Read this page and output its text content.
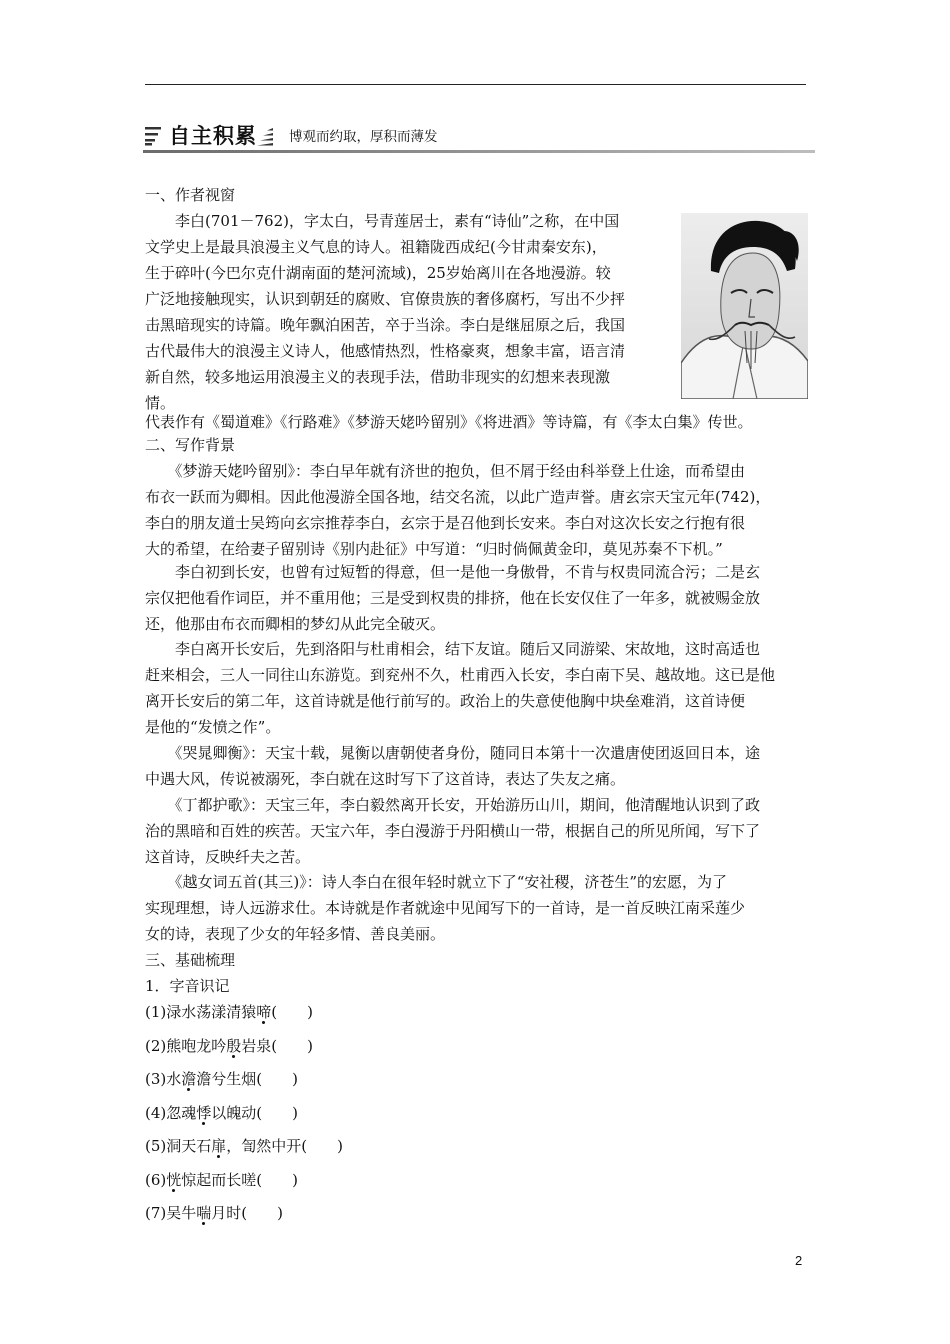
自主积累 博观而约取，厚积而薄发
一、作者视窗
　　李白(701－762)，字太白，号青莲居士，素有“诗仙”之称，在中国
文学史上是最具浪漫主义气息的诗人。祖籍陇西成纪(今甘肃秦安东)，
生于碎叶(今巴尔克什湖南面的楚河流域)，25岁始离川在各地漫游。较
广泛地接触现实，认识到朝廷的腐败、官僚贵族的奢侈腐朽，写出不少抨
击黑暗现实的诗篇。晚年飘泊困苦，卒于当涂。李白是继屈原之后，我国
古代最伟大的浪漫主义诗人，他感情热烈，性格豪爽，想象丰富，语言清
新自然，较多地运用浪漫主义的表现手法，借助非现实的幻想来表现激
情。
代表作有《蜀道难》《行路难》《梦游天姥吟留别》《将进酒》等诗篇，有《李太白集》传世。
二、写作背景
　　《梦游天姥吟留别》：李白早年就有济世的抱负，但不屑于经由科举登上仕途，而希望由
布衣一跃而为卿相。因此他漫游全国各地，结交名流，以此广造声誉。唐玄宗天宝元年(742)，
李白的朋友道士吴筠向玄宗推荐李白，玄宗于是召他到长安来。李白对这次长安之行抱有很
大的希望，在给妻子留别诗《别内赴征》中写道：“归时倘佩黄金印，莫见苏秦不下机。”
　　李白初到长安，也曾有过短暂的得意，但一是他一身傲骨，不肯与权贵同流合污；二是玄
宗仅把他看作词臣，并不重用他；三是受到权贵的排挤，他在长安仅住了一年多，就被赐金放
还，他那由布衣而卿相的梦幻从此完全破灭。
　　李白离开长安后，先到洛阳与杜甫相会，结下友谊。随后又同游梁、宋故地，这时高适也
赶来相会，三人一同往山东游览。到兖州不久，杜甫西入长安，李白南下吴、越故地。这已是他
离开长安后的第二年，这首诗就是他行前写的。政治上的失意使他胸中块垒难消，这首诗便
是他的“发愤之作”。
　　《哭晁卿衡》：天宝十载，晁衡以唐朝使者身份，随同日本第十一次遣唐使团返回日本，途
中遇大风，传说被溺死，李白就在这时写下了这首诗，表达了失友之痛。
　　《丁都护歌》：天宝三年，李白毅然离开长安，开始游历山川，期间，他清醒地认识到了政
治的黑暗和百姓的疾苦。天宝六年，李白漫游于丹阳横山一带，根据自己的所见所闻，写下了
这首诗，反映纤夫之苦。
　　《越女词五首(其三)》：诗人李白在很年轻时就立下了“安社稷，济苍生”的宏愿，为了
实现理想，诗人远游求仕。本诗就是作者就途中见闻写下的一首诗，是一首反映江南采莲少
女的诗，表现了少女的年轻多情、善良美丽。
三、基础梳理
1．字音识记
(1)渌水荡漾清猿啼(　　)
(2)熊咆龙吟殷岩泉(　　)
(3)水澹澹兮生烟(　　)
(4)忽魂悸以魄动(　　)
(5)洞天石扉，訇然中开(　　)
(6)恍惊起而长嗟(　　)
(7)吴牛喘月时(　　)
2
